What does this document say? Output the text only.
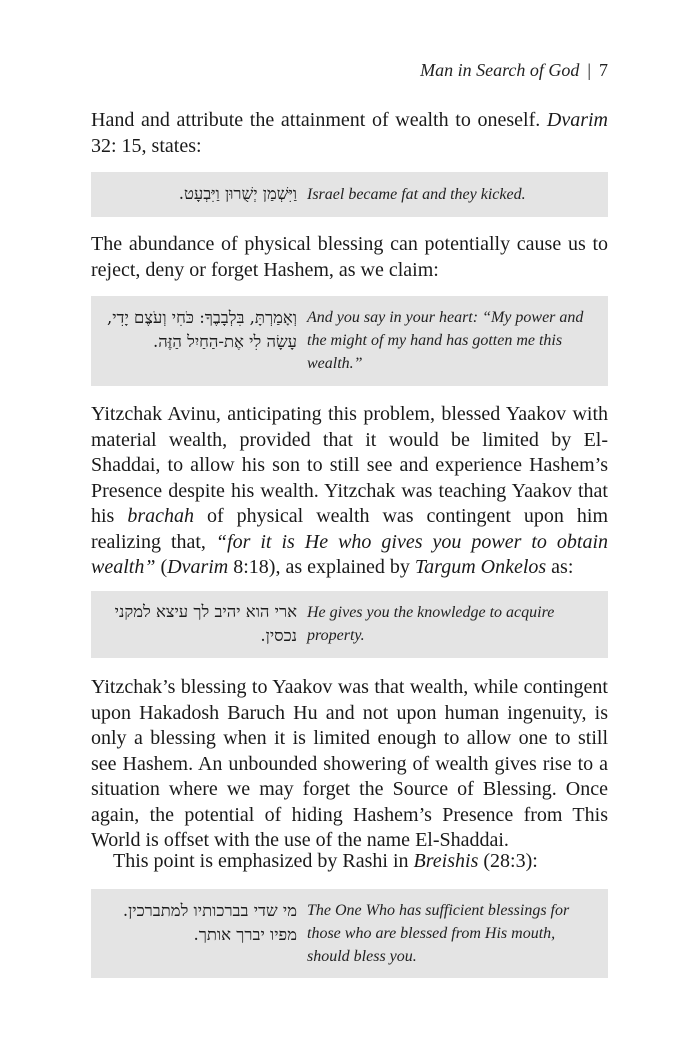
Man in Search of God | 7

Hand and attribute the attainment of wealth to oneself. Dvarim 32: 15, states:

וַיִּשְׁמַן יְשֻׁרוּן וַיִּבְעָט. Israel became fat and they kicked.

The abundance of physical blessing can potentially cause us to reject, deny or forget Hashem, as we claim:

וְאָמַרְתָּ, בִּלְבָבֶךָ: כֹּחִי וְעֹצֶם יָדִי, עָשָׂה לִי אֶת-הַחַיִל הַזֶּה.
And you say in your heart: “My power and the might of my hand has gotten me this wealth.”

Yitzchak Avinu, anticipating this problem, blessed Yaakov with material wealth, provided that it would be limited by El-Shaddai, to allow his son to still see and experience Hashem’s Presence despite his wealth. Yitzchak was teaching Yaakov that his brachah of physical wealth was contingent upon him realizing that, “for it is He who gives you power to obtain wealth” (Dvarim 8:18), as explained by Targum Onkelos as:

ארי הוא יהיב לך עיצא למקני נכסין.
He gives you the knowledge to acquire property.

Yitzchak’s blessing to Yaakov was that wealth, while contingent upon Hakadosh Baruch Hu and not upon human ingenuity, is only a blessing when it is limited enough to allow one to still see Hashem. An unbounded showering of wealth gives rise to a situation where we may forget the Source of Blessing. Once again, the potential of hiding Hashem’s Presence from This World is offset with the use of the name El-Shaddai.

This point is emphasized by Rashi in Breishis (28:3):

מי שדי בברכותיו למתברכין. מפיו יברך אותך.
The One Who has sufficient blessings for those who are blessed from His mouth, should bless you.
